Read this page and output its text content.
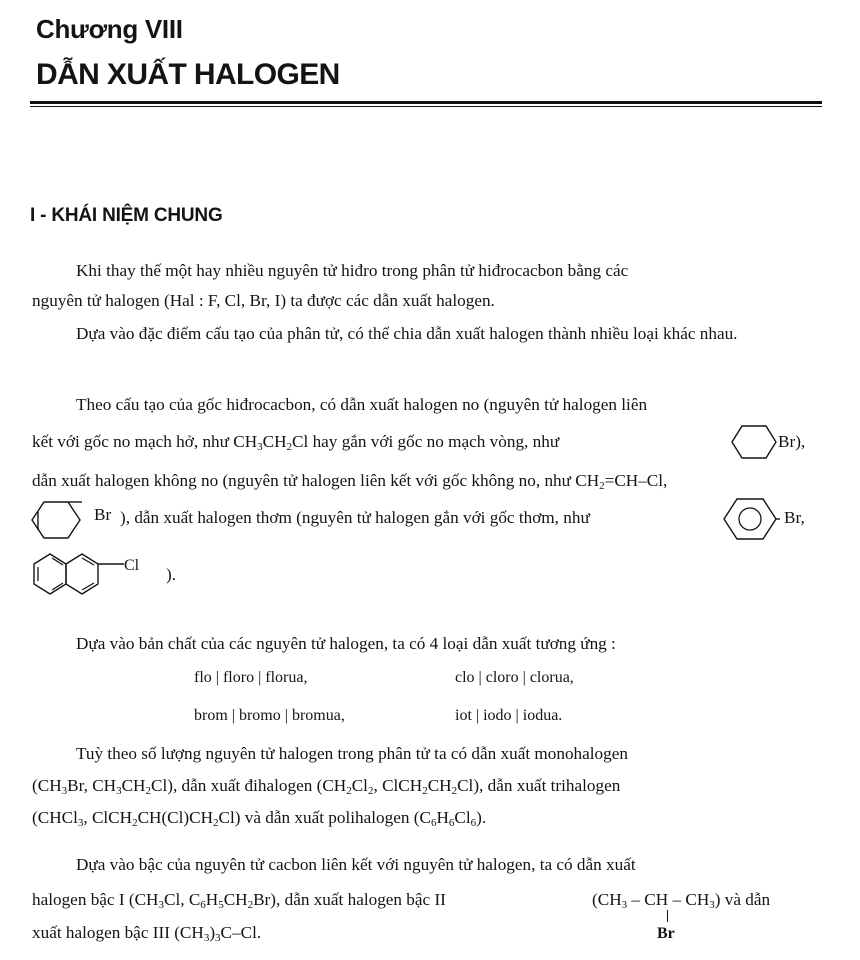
Chương VIII
DẪN XUẤT HALOGEN
I - KHÁI NIỆM CHUNG
Khi thay thế một hay nhiều nguyên tử hiđro trong phân tử hiđrocacbon bằng các
nguyên tử halogen (Hal : F, Cl, Br, I) ta được các dẫn xuất halogen.

Dựa vào đặc điểm cấu tạo của phân tử, có thể chia dẫn xuất halogen thành nhiều loại khác nhau.

Theo cấu tạo của gốc hiđrocacbon, có dẫn xuất halogen no (nguyên tử halogen liên
kết với gốc no mạch hở, như $CH_3CH_2Cl$ hay gắn với gốc no mạch vòng, như	Br),
dẫn xuất halogen không no (nguyên tử halogen liên kết với gốc không no, như $CH_2=CH-Cl$,
Br ), dẫn xuất halogen thơm (nguyên tử halogen gắn với gốc thơm, như	Br,
Cl ).
Dựa vào bản chất của các nguyên tử halogen, ta có 4 loại dẫn xuất tương ứng :
flo | floro | florua,	clo | cloro | clorua,
brom | bromo | bromua,	iot | iodo | iodua.
Tuỳ theo số lượng nguyên tử halogen trong phân tử ta có dẫn xuất monohalogen
($CH_3Br$, $CH_3CH_2Cl$), dẫn xuất đihalogen ($CH_2Cl_2$, $ClCH_2CH_2Cl$), dẫn xuất trihalogen
(CHCl$_3$, $ClCH_2CH(Cl)CH_2Cl$) và dẫn xuất polihalogen $(C_6H_6Cl_6)$.
Dựa vào bậc của nguyên tử cacbon liên kết với nguyên tử halogen, ta có dẫn xuất
halogen bậc I ($CH_3Cl$, $C_6H_5CH_2Br$), dẫn xuất halogen bậc II	($CH_3$ – CH – $CH_3$) và dẫn
Br
xuất halogen bậc III $(CH_3)_3C-Cl$.
